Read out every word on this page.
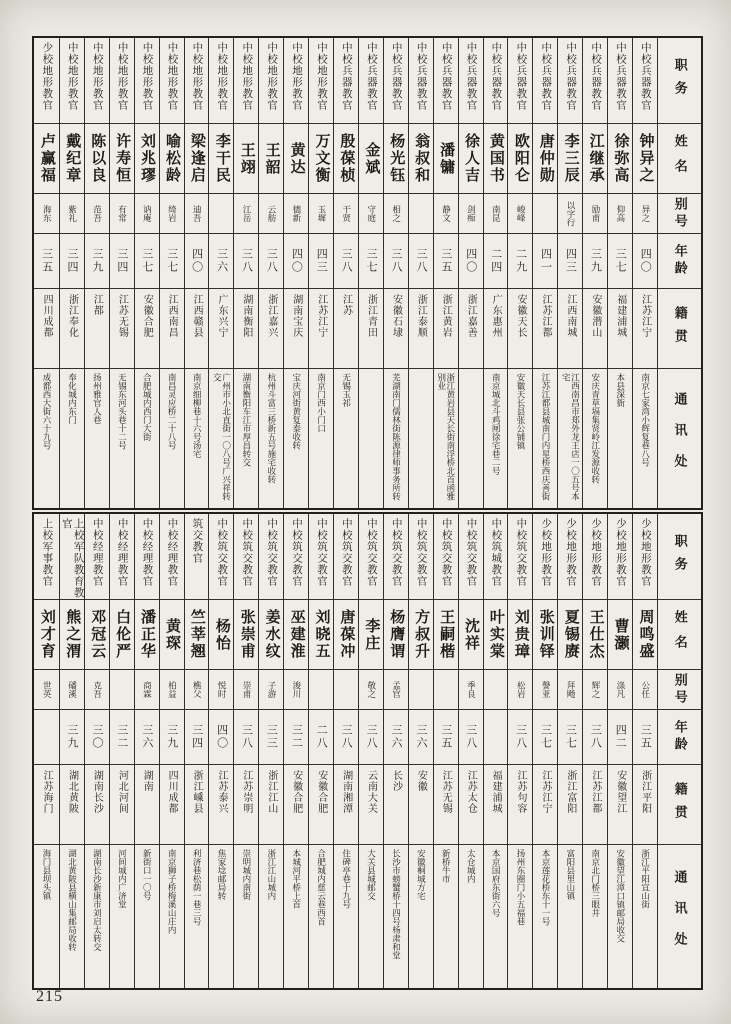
职务
姓名
别号
年龄
籍贯
通讯处
中校兵器教官
钟异之
异之
四〇
江苏江宁
南京七家湾小辉复巷八号
中校兵器教官
徐弥高
仰高
三七
福建浦城
本县深衙
中校兵器教官
江继承
励甫
三九
安徽潜山
安庆青草塥集贤岭江发源收转
中校兵器教官
李三辰
以字行
四三
江西南城
江西南昌市郑外龙王店一〇五号本宅
中校兵器教官
唐仲勋
四一
江苏江都
江苏江都县城南门内星桥西庆善街
中校兵器教官
欧阳仑
峻峰
二九
安徽天长
安徽天长县张公铺镇
中校兵器教官
黄国书
南昆
二四
广东惠州
南京城北斗鸡闸徐宅巷二号
中校兵器教官
徐人吉
剑痴
四〇
浙江嘉善
中校兵器教官
潘镛
静文
三五
浙江黄岩
浙江黄岩县天长街南浮桥北首函雅别业
中校兵器教官
翁叔和
三八
浙江泰顺
中校兵器教官
杨光钰
相之
三八
安徽石埭
芜湖南门儒林街陈源律师事务所转
中校兵器教官
金斌
守庭
三七
浙江青田
中校兵器教官
殷葆桢
干贤
三八
江苏
无锡玉祁
中校地形教官
万文衡
玉墀
四三
江苏江宁
南京门西小门口
中校地形教官
黄达
德新
四〇
湖南宝庆
宝庆河街黄复泰收转
中校地形教官
王韶
云舫
三八
浙江嘉兴
杭州斗富三桥新五号施宅收转
中校地形教官
王翊
江岳
三八
湖南衡阳
湖南衡阳车江市厚昌转交
中校地形教官
李干民
三六
广东兴宁
广州市小北直街一〇八号广兴祥转交
中校地形教官
梁逢启
迪吾
四〇
江西赣县
南京细柳巷十六号汤宅
中校地形教官
喻松龄
绮岩
三七
江西南昌
南昌灵应桥二十八号
中校地形教官
刘兆璆
讷庵
三七
安徽合肥
合肥城内西门大街
中校地形教官
许寿恒
有常
三四
江苏无锡
无锡东河头巷十二号
中校地形教官
陈以良
范吾
三九
江都
扬州雅官人巷
中校地形教官
戴纪章
紫礼
三四
浙江奉化
奉化城内东门
少校地形教官
卢赢福
海东
三五
四川成都
成都西大街六十九号
职务
姓名
别号
年龄
籍贯
通讯处
少校地形教官
周鸣盛
公任
三五
浙江平阳
浙江平阳宜山街
少校地形教官
曹灏
涤凡
四二
安徽望江
安徽望江漳口镇邮局收交
少校地形教官
王仕杰
辉之
三八
江苏江都
南京北门桥三眼井
少校地形教官
夏锡赓
拜飏
三七
浙江富阳
富阳县里山镇
少校地形教官
张训铎
謦亚
三七
江苏江宁
本京莲花桥东十一号
中校筑交教官
刘贵璋
松岩
三八
江苏句容
扬州东圈门小五福巷
中校筑城教官
叶实棠
福建浦城
本京国府东街六号
中校筑交教官
沈祥
季良
三八
江苏太仓
太仓城内
中校筑交教官
王嗣楷
三五
江苏无锡
新桥牛市
中校筑交教官
方叔升
三六
安徽
安徽桐城方宅
中校筑交教官
杨膺谓
孟官
三六
长沙
长沙市螃蟹桥十四号杨肃和堂
中校筑交教官
李庄
敬之
三八
云南大关
大关县城邮交
中校筑交教官
唐葆冲
三八
湖南湘潭
住碑亭巷十九号
中校筑交教官
刘晓五
二八
安徽合肥
合肥城内慈云巷西首
中校筑交教官
巫建淮
浚川
三二
安徽合肥
本城河平桥上首
中校筑交教官
姜水纹
子游
三三
浙江江山
浙江江山城内
中校筑交教官
张崇甫
崇甫
三八
江苏崇明
崇明城内南街
中校筑交教官
杨怡
悦时
四〇
江苏泰兴
焦家埝邮局转
筑交教官
竺莘翘
樵父
三四
浙江嵊县
利济巷松荫一巷三号
中校经理教官
黄琛
柏益
三九
四川成都
南京狮子桥梅溪山庄内
中校经理教官
潘正华
商霖
三六
湖南
新街口一〇号
中校经理教官
白伦严
三二
河北河间
河间城内广济堂
中校经理教官
邓冠云
克吾
三〇
湖南长沙
湖南长沙新康市刘启太转交
上校军队教育教官
熊之渭
磻溪
三九
湖北黄陂
湖北黄陂县横山集邮局收转
上校军事教官
刘才育
世英
江苏海门
海门县坝头镇
215
